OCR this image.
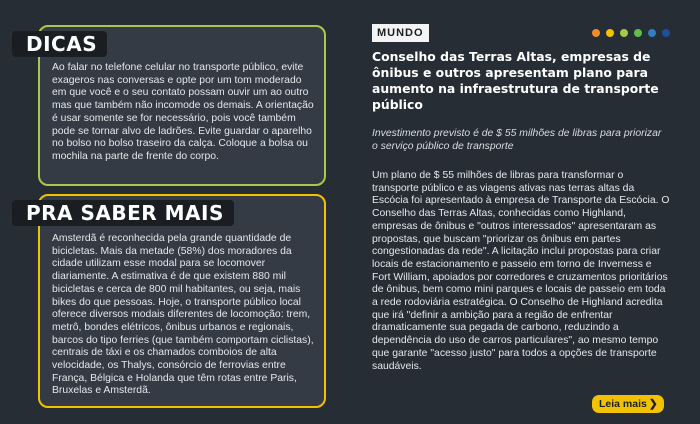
DICAS
Ao falar no telefone celular no transporte público, evite exageros nas conversas e opte por um tom moderado em que você e o seu contato possam ouvir um ao outro mas que também não incomode os demais. A orientação é usar somente se for necessário, pois você também pode se tornar alvo de ladrões. Evite guardar o aparelho no bolso no bolso traseiro da calça. Coloque a bolsa ou mochila na parte de frente do corpo.
PRA SABER MAIS
Amsterdã é reconhecida pela grande quantidade de bicicletas. Mais da metade (58%) dos moradores da cidade utilizam esse modal para se locomover diariamente. A estimativa é de que existem 880 mil bicicletas e cerca de 800 mil habitantes, ou seja, mais bikes do que pessoas. Hoje, o transporte público local oferece diversos modais diferentes de locomoção: trem, metrô, bondes elétricos, ônibus urbanos e regionais, barcos do tipo ferries (que também comportam ciclistas), centrais de táxi e os chamados comboios de alta velocidade, os Thalys, consórcio de ferrovias entre França, Bélgica e Holanda que têm rotas entre Paris, Bruxelas e Amsterdã.
MUNDO
Conselho das Terras Altas, empresas de ônibus e outros apresentam plano para aumento na infraestrutura de transporte público
Investimento previsto é de $ 55 milhões de libras para priorizar o serviço público de transporte
Um plano de $ 55 milhões de libras para transformar o transporte público e as viagens ativas nas terras altas da Escócia foi apresentado à empresa de Transporte da Escócia. O Conselho das Terras Altas, conhecidas como Highland, empresas de ônibus e "outros interessados" apresentaram as propostas, que buscam "priorizar os ônibus em partes congestionadas da rede". A licitação inclui propostas para criar locais de estacionamento e passeio em torno de Inverness e Fort William, apoiados por corredores e cruzamentos prioritários de ônibus, bem como mini parques e locais de passeio em toda a rede rodoviária estratégica. O Conselho de Highland acredita que irá "definir a ambição para a região de enfrentar dramaticamente sua pegada de carbono, reduzindo a dependência do uso de carros particulares", ao mesmo tempo que garante "acesso justo" para todos a opções de transporte saudáveis.
Leia mais ❯
